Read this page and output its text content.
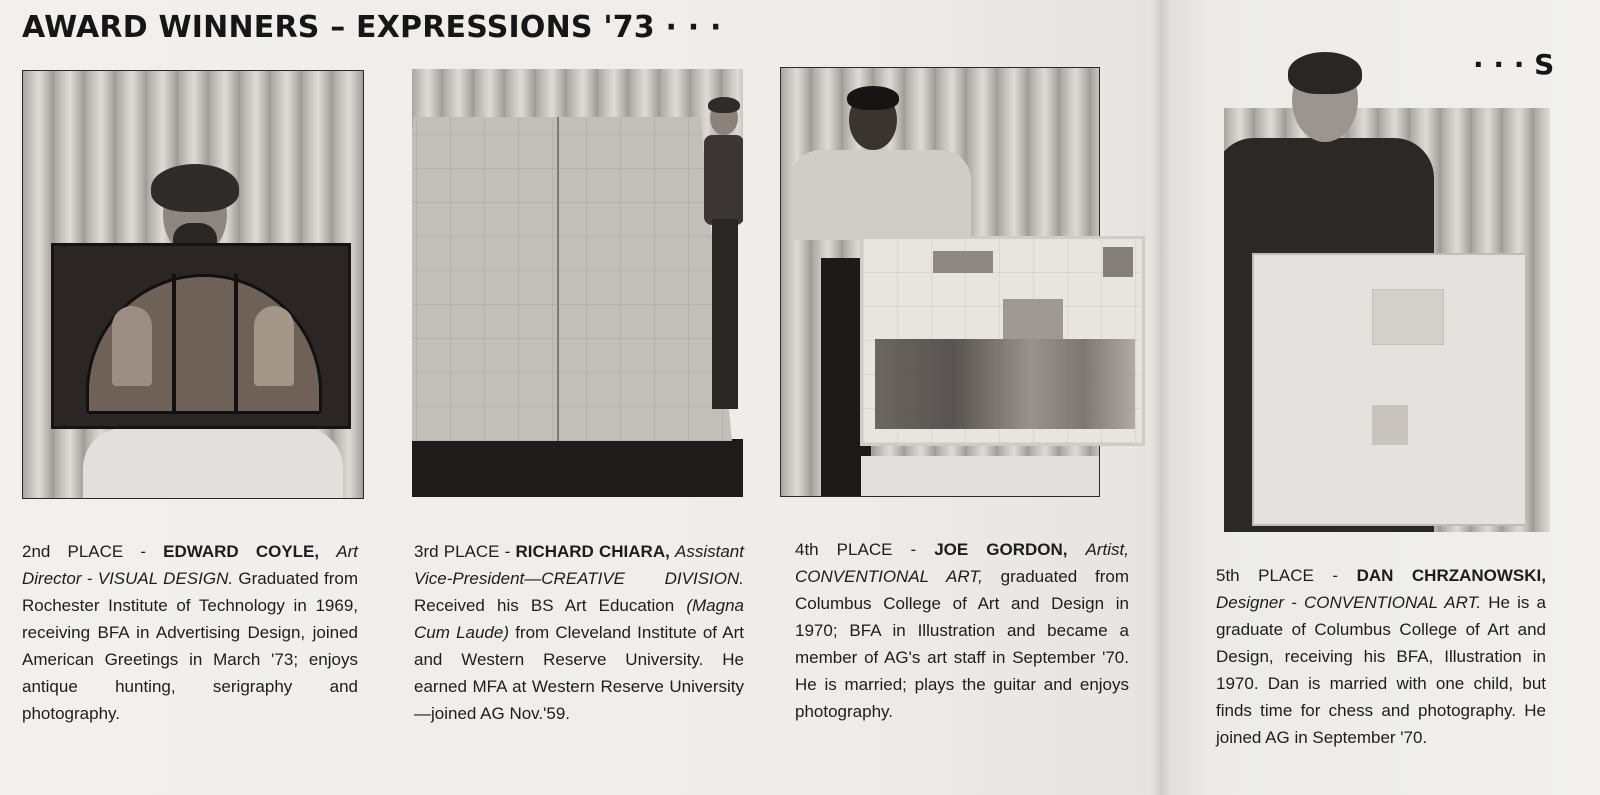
AWARD WINNERS – EXPRESSIONS '73 · · ·
· · · S
2nd PLACE - EDWARD COYLE, Art Director - VISUAL DESIGN. Graduated from Rochester Institute of Technology in 1969, receiving BFA in Advertising Design, joined American Greetings in March '73; enjoys antique hunting, serigraphy and photography.
3rd PLACE - RICHARD CHIARA, Assistant Vice-President—CREATIVE DIVISION. Received his BS Art Education (Magna Cum Laude) from Cleveland Institute of Art and Western Reserve University. He earned MFA at Western Reserve University—joined AG Nov.'59.
4th PLACE - JOE GORDON, Artist, CONVENTIONAL ART, graduated from Columbus College of Art and Design in 1970; BFA in Illustration and became a member of AG's art staff in September '70. He is married; plays the guitar and enjoys photography.
5th PLACE - DAN CHRZANOWSKI, Designer - CONVENTIONAL ART. He is a graduate of Columbus College of Art and Design, receiving his BFA, Illustration in 1970. Dan is married with one child, but finds time for chess and photography. He joined AG in September '70.
